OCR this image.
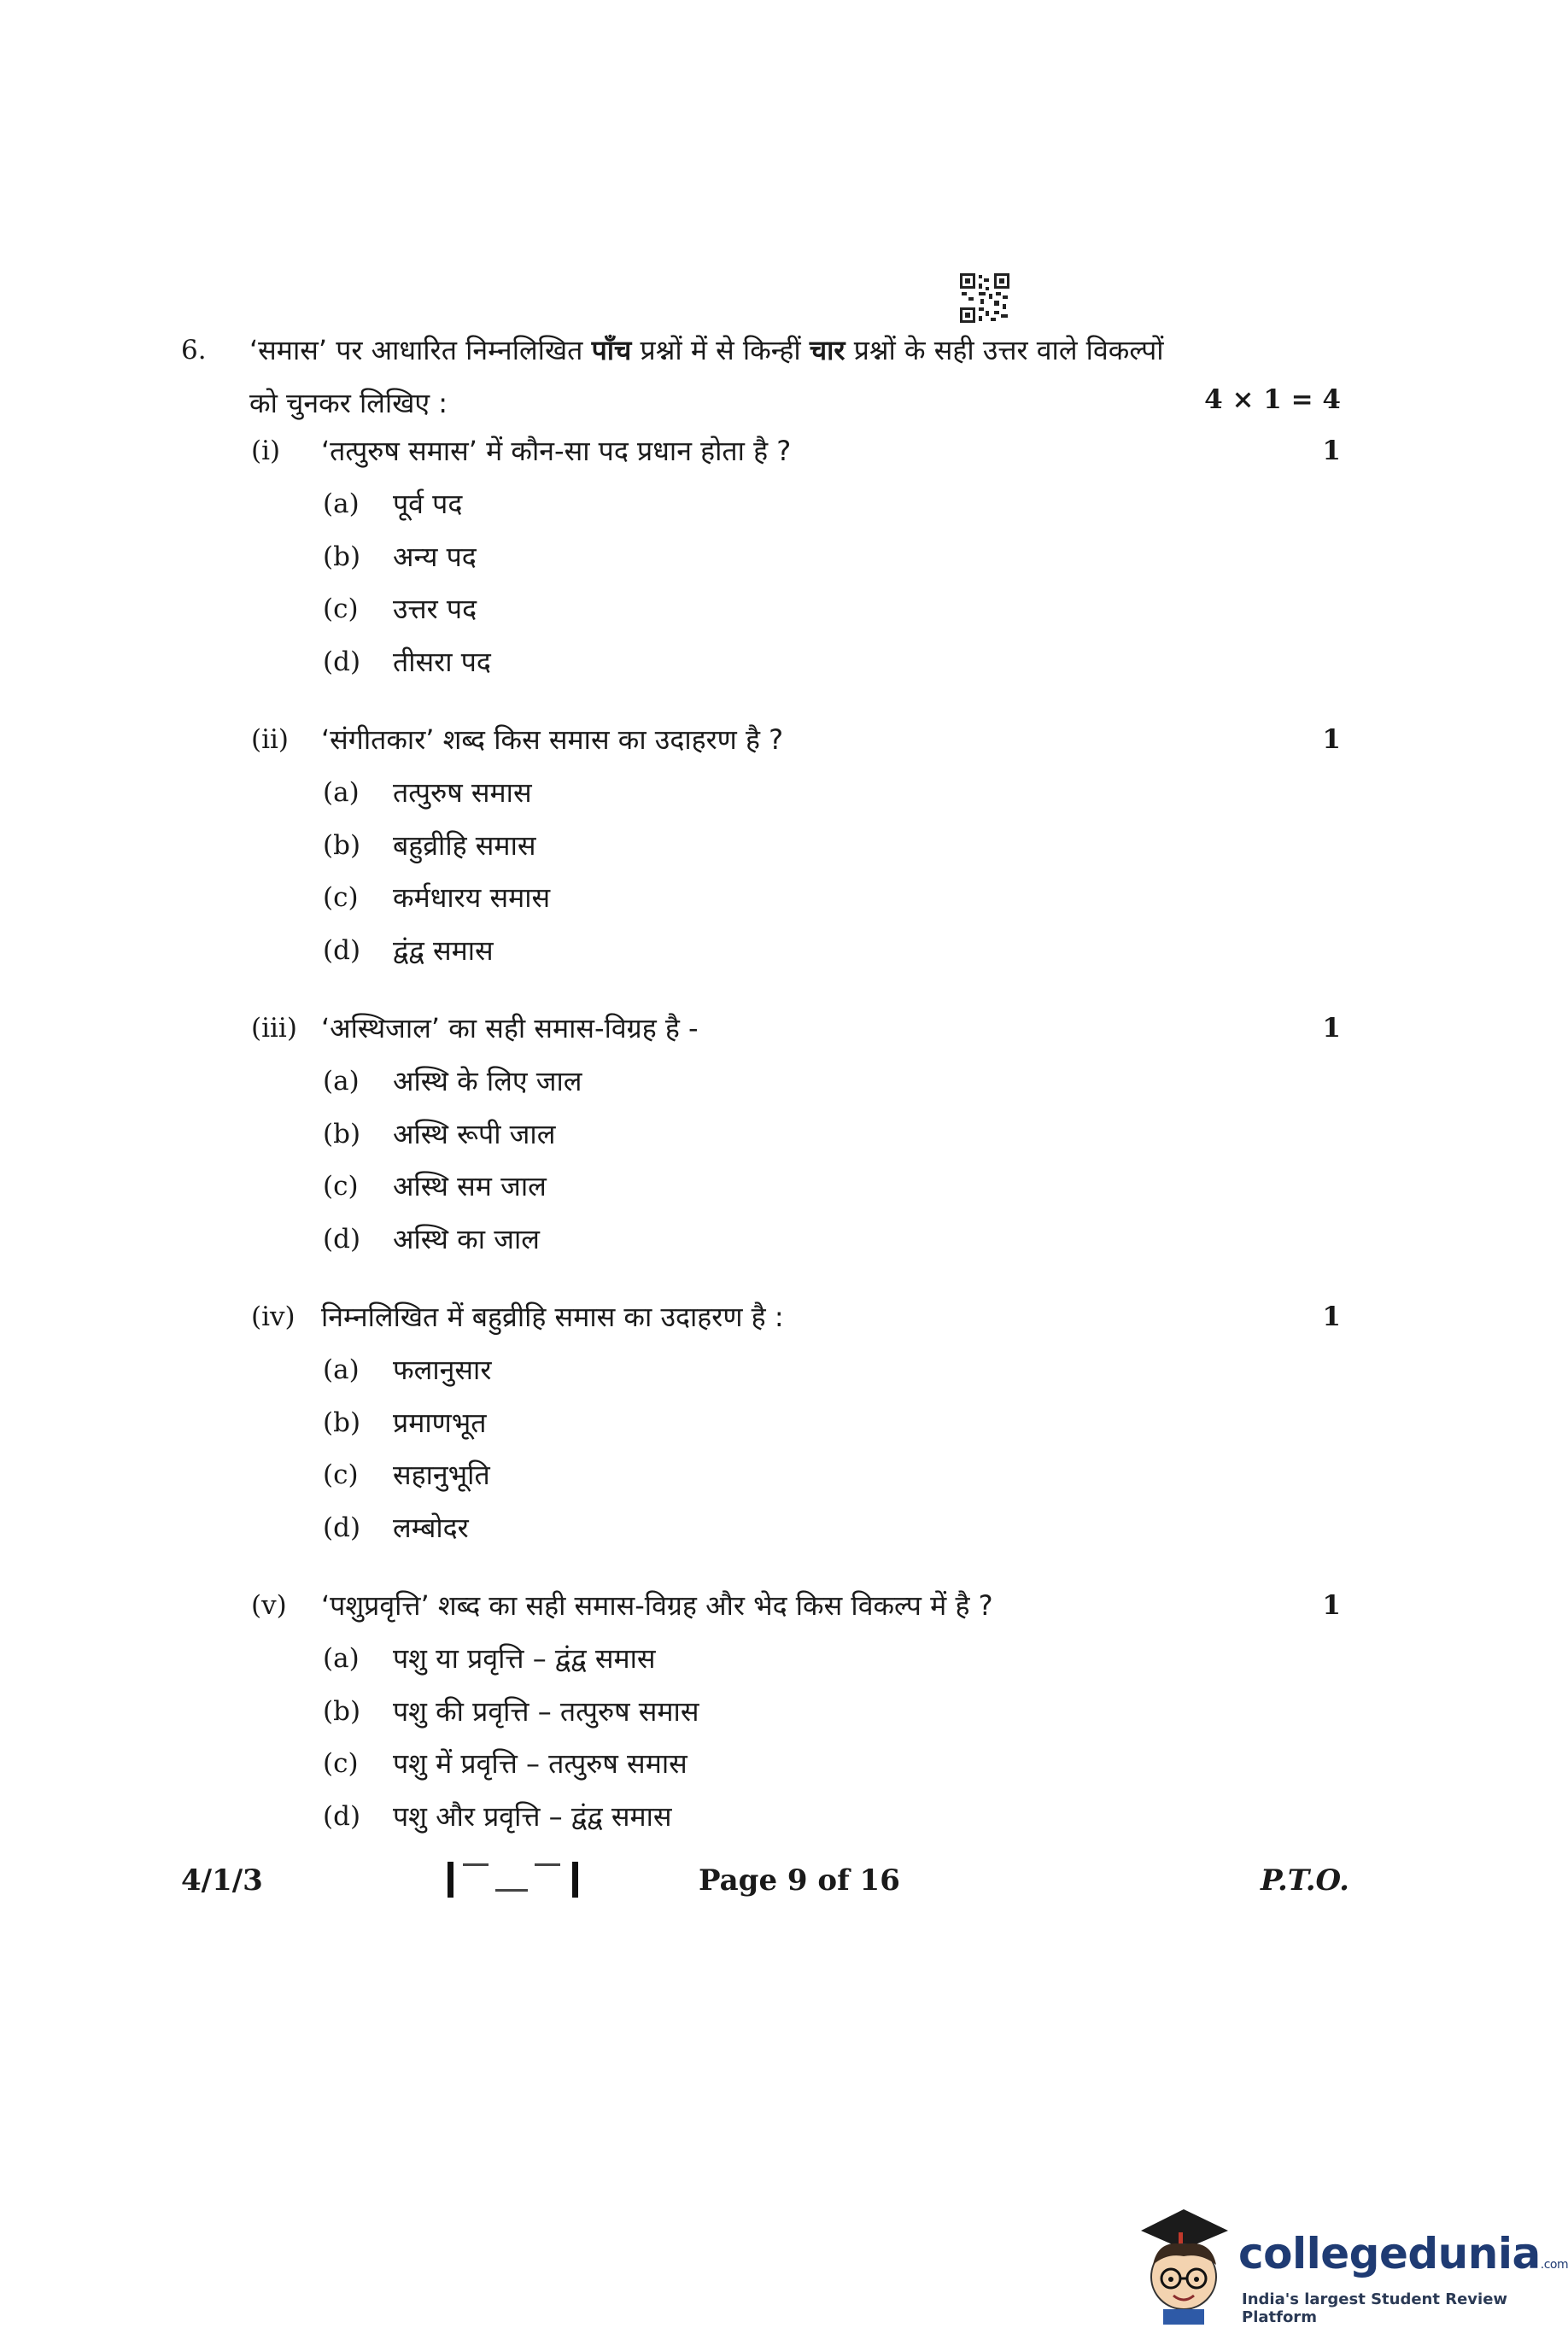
6. ‘समास’ पर आधारित निम्नलिखित पाँच प्रश्नों में से किन्हीं चार प्रश्नों के सही उत्तर वाले विकल्पों
को चुनकर लिखिए :	4 × 1 = 4
(i) ‘तत्पुरुष समास’ में कौन-सा पद प्रधान होता है ?	1
(a) पूर्व पद
(b) अन्य पद
(c) उत्तर पद
(d) तीसरा पद
(ii) ‘संगीतकार’ शब्द किस समास का उदाहरण है ?	1
(a) तत्पुरुष समास
(b) बहुव्रीहि समास
(c) कर्मधारय समास
(d) द्वंद्व समास
(iii) ‘अस्थिजाल’ का सही समास-विग्रह है -	1
(a) अस्थि के लिए जाल
(b) अस्थि रूपी जाल
(c) अस्थि सम जाल
(d) अस्थि का जाल
(iv) निम्नलिखित में बहुव्रीहि समास का उदाहरण है :	1
(a) फलानुसार
(b) प्रमाणभूत
(c) सहानुभूति
(d) लम्बोदर
(v) ‘पशुप्रवृत्ति’ शब्द का सही समास-विग्रह और भेद किस विकल्प में है ?	1
(a) पशु या प्रवृत्ति – द्वंद्व समास
(b) पशु की प्रवृत्ति – तत्पुरुष समास
(c) पशु में प्रवृत्ति – तत्पुरुष समास
(d) पशु और प्रवृत्ति – द्वंद्व समास
4/1/3	Page 9 of 16	P.T.O.
collegedunia.com
India's largest Student Review Platform
